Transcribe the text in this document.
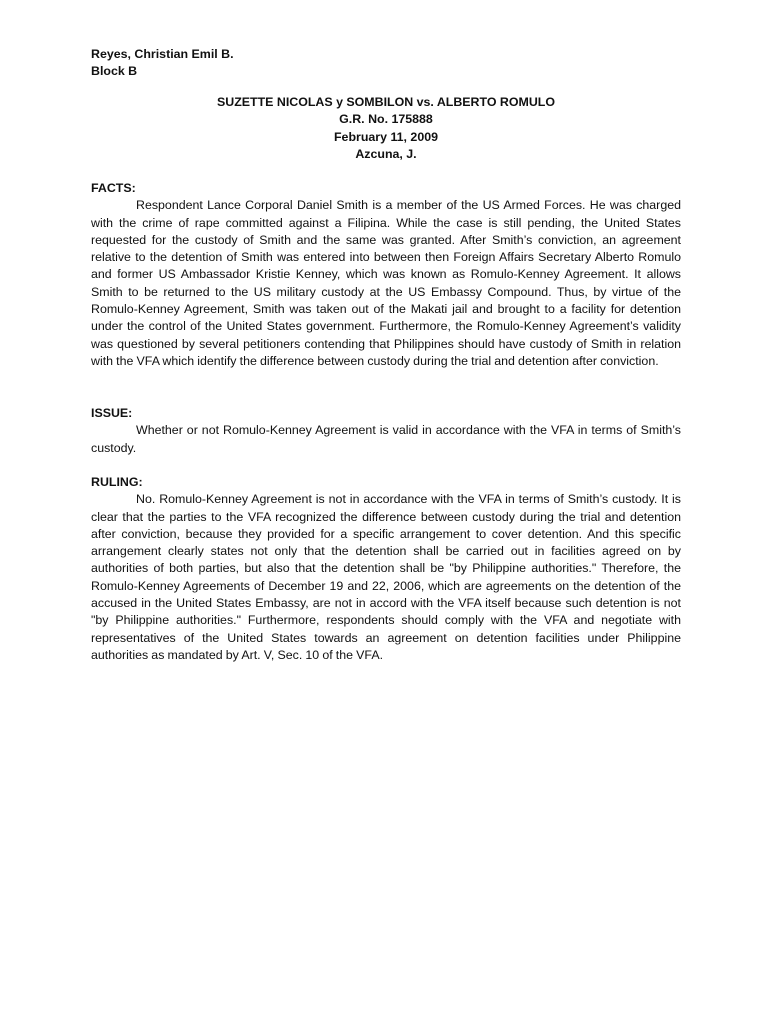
Reyes, Christian Emil B.
Block B
SUZETTE NICOLAS y SOMBILON vs. ALBERTO ROMULO
G.R. No. 175888
February 11, 2009
Azcuna, J.
FACTS:
Respondent Lance Corporal Daniel Smith is a member of the US Armed Forces. He was charged with the crime of rape committed against a Filipina. While the case is still pending, the United States requested for the custody of Smith and the same was granted. After Smith’s conviction, an agreement relative to the detention of Smith was entered into between then Foreign Affairs Secretary Alberto Romulo and former US Ambassador Kristie Kenney, which was known as Romulo-Kenney Agreement. It allows Smith to be returned to the US military custody at the US Embassy Compound. Thus, by virtue of the Romulo-Kenney Agreement, Smith was taken out of the Makati jail and brought to a facility for detention under the control of the United States government. Furthermore, the Romulo-Kenney Agreement’s validity was questioned by several petitioners contending that Philippines should have custody of Smith in relation with the VFA which identify the difference between custody during the trial and detention after conviction.
ISSUE:
Whether or not Romulo-Kenney Agreement is valid in accordance with the VFA in terms of Smith’s custody.
RULING:
No. Romulo-Kenney Agreement is not in accordance with the VFA in terms of Smith’s custody. It is clear that the parties to the VFA recognized the difference between custody during the trial and detention after conviction, because they provided for a specific arrangement to cover detention. And this specific arrangement clearly states not only that the detention shall be carried out in facilities agreed on by authorities of both parties, but also that the detention shall be "by Philippine authorities." Therefore, the Romulo-Kenney Agreements of December 19 and 22, 2006, which are agreements on the detention of the accused in the United States Embassy, are not in accord with the VFA itself because such detention is not "by Philippine authorities." Furthermore, respondents should comply with the VFA and negotiate with representatives of the United States towards an agreement on detention facilities under Philippine authorities as mandated by Art. V, Sec. 10 of the VFA.
